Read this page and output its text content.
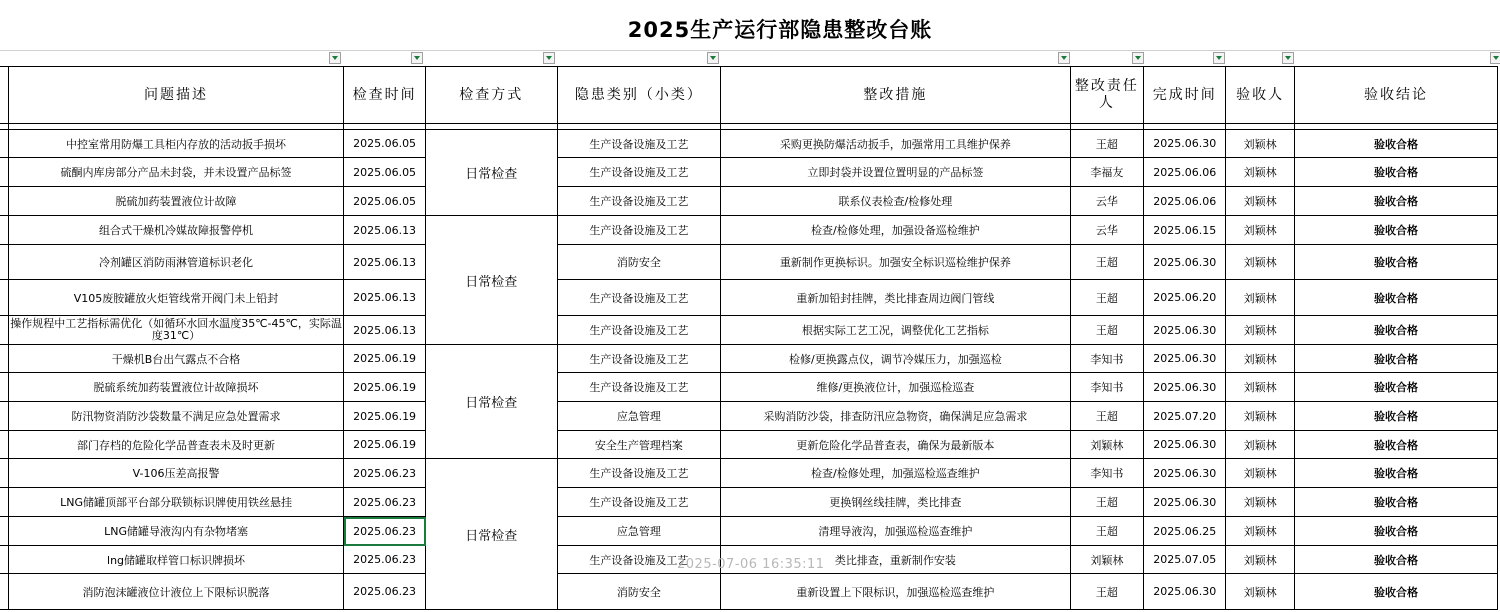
2025生产运行部隐患整改台账
	问题描述	检查时间	检查方式	隐患类别（小类）	整改措施	整改责任人	完成时间	验收人	验收结论

	中控室常用防爆工具柜内存放的活动扳手损坏	2025.06.05	日常检查	生产设备设施及工艺	采购更换防爆活动扳手，加强常用工具维护保养	王超	2025.06.30	刘颖林	验收合格
	硫酮内库房部分产品未封袋，并未设置产品标签	2025.06.05		生产设备设施及工艺	立即封袋并设置位置明显的产品标签	李福友	2025.06.06	刘颖林	验收合格
	脱硫加药装置液位计故障	2025.06.05		生产设备设施及工艺	联系仪表检查/检修处理	云华	2025.06.06	刘颖林	验收合格
	组合式干燥机冷媒故障报警停机	2025.06.13	日常检查	生产设备设施及工艺	检查/检修处理，加强设备巡检维护	云华	2025.06.15	刘颖林	验收合格
	冷剂罐区消防雨淋管道标识老化	2025.06.13		消防安全	重新制作更换标识。加强安全标识巡检维护保养	王超	2025.06.30	刘颖林	验收合格
	V105废胺罐放火炬管线常开阀门未上铅封	2025.06.13		生产设备设施及工艺	重新加铅封挂牌，类比排查周边阀门管线	王超	2025.06.20	刘颖林	验收合格
	操作规程中工艺指标需优化（如循环水回水温度35℃-45℃，实际温度31℃）	2025.06.13		生产设备设施及工艺	根据实际工艺工况，调整优化工艺指标	王超	2025.06.30	刘颖林	验收合格
	干燥机B台出气露点不合格	2025.06.19	日常检查	生产设备设施及工艺	检修/更换露点仪，调节冷媒压力，加强巡检	李知书	2025.06.30	刘颖林	验收合格
	脱硫系统加药装置液位计故障损坏	2025.06.19		生产设备设施及工艺	维修/更换液位计，加强巡检巡查	李知书	2025.06.30	刘颖林	验收合格
	防汛物资消防沙袋数量不满足应急处置需求	2025.06.19		应急管理	采购消防沙袋，排查防汛应急物资，确保满足应急需求	王超	2025.07.20	刘颖林	验收合格
	部门存档的危险化学品普查表未及时更新	2025.06.19		安全生产管理档案	更新危险化学品普查表，确保为最新版本	刘颖林	2025.06.30	刘颖林	验收合格
	V-106压差高报警	2025.06.23	日常检查	生产设备设施及工艺	检查/检修处理，加强巡检巡查维护	李知书	2025.06.30	刘颖林	验收合格
	LNG储罐顶部平台部分联锁标识牌使用铁丝悬挂	2025.06.23		生产设备设施及工艺	更换钢丝线挂牌，类比排查	王超	2025.06.30	刘颖林	验收合格
	LNG储罐导液沟内有杂物堵塞	2025.06.23		应急管理	清理导液沟，加强巡检巡查维护	王超	2025.06.25	刘颖林	验收合格
	lng储罐取样管口标识牌损坏	2025.06.23		生产设备设施及工艺	类比排查，重新制作安装	刘颖林	2025.07.05	刘颖林	验收合格
	消防泡沫罐液位计液位上下限标识脱落	2025.06.23		消防安全	重新设置上下限标识，加强巡检巡查维护	王超	2025.06.30	刘颖林	验收合格
2025-07-06 16:35:11
